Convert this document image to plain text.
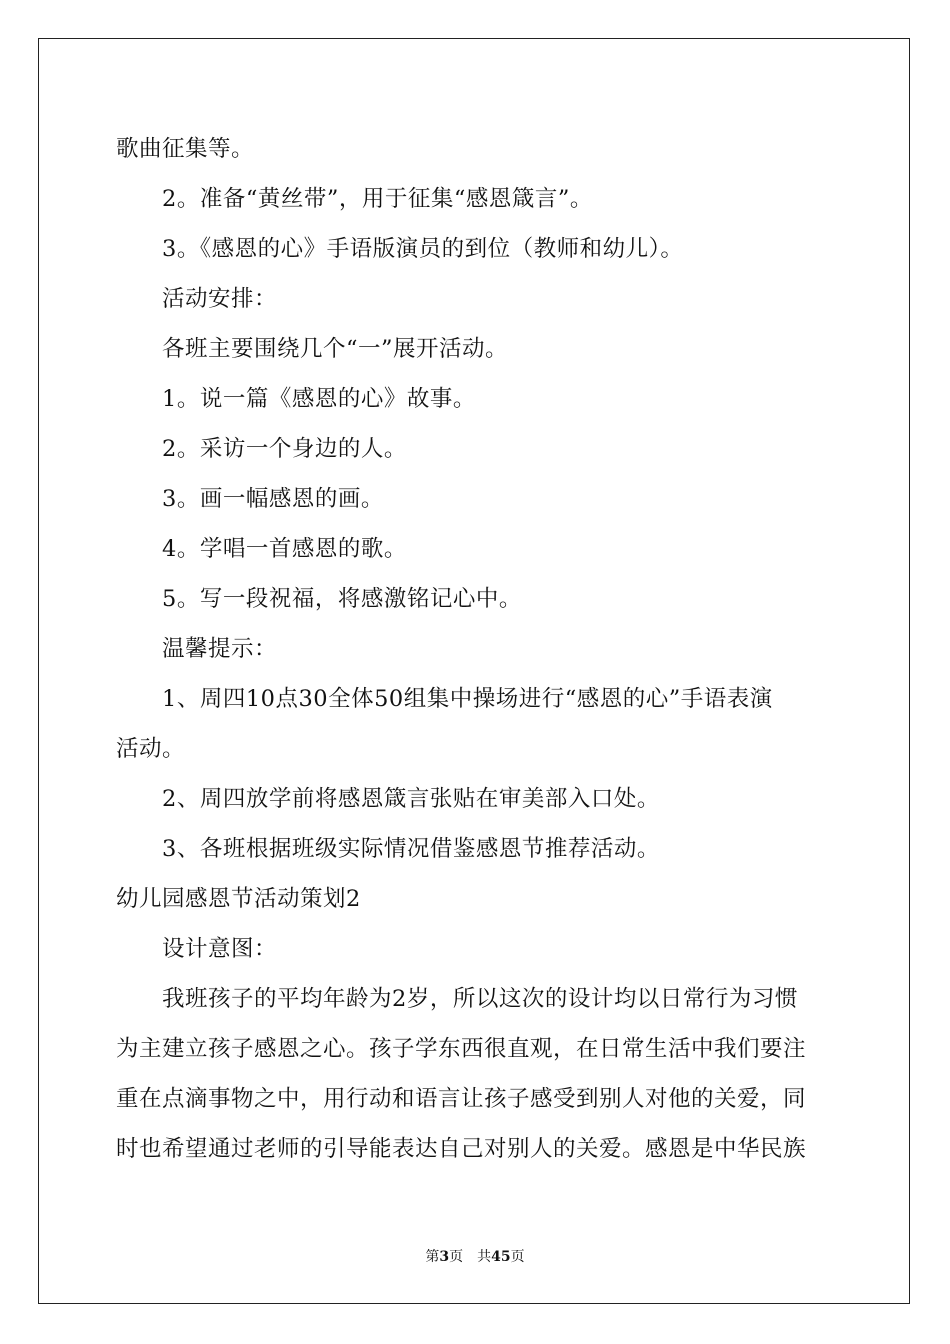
歌曲征集等。
2。准备“黄丝带”，用于征集“感恩箴言”。
3。《感恩的心》手语版演员的到位（教师和幼儿）。
活动安排：
各班主要围绕几个“一”展开活动。
1。说一篇《感恩的心》故事。
2。采访一个身边的人。
3。画一幅感恩的画。
4。学唱一首感恩的歌。
5。写一段祝福，将感激铭记心中。
温馨提示：
1、周四10点30全体50组集中操场进行“感恩的心”手语表演
活动。
2、周四放学前将感恩箴言张贴在审美部入口处。
3、各班根据班级实际情况借鉴感恩节推荐活动。
幼儿园感恩节活动策划2
设计意图：
我班孩子的平均年龄为2岁，所以这次的设计均以日常行为习惯
为主建立孩子感恩之心。孩子学东西很直观，在日常生活中我们要注
重在点滴事物之中，用行动和语言让孩子感受到别人对他的关爱，同
时也希望通过老师的引导能表达自己对别人的关爱。感恩是中华民族
第3页 共45页
